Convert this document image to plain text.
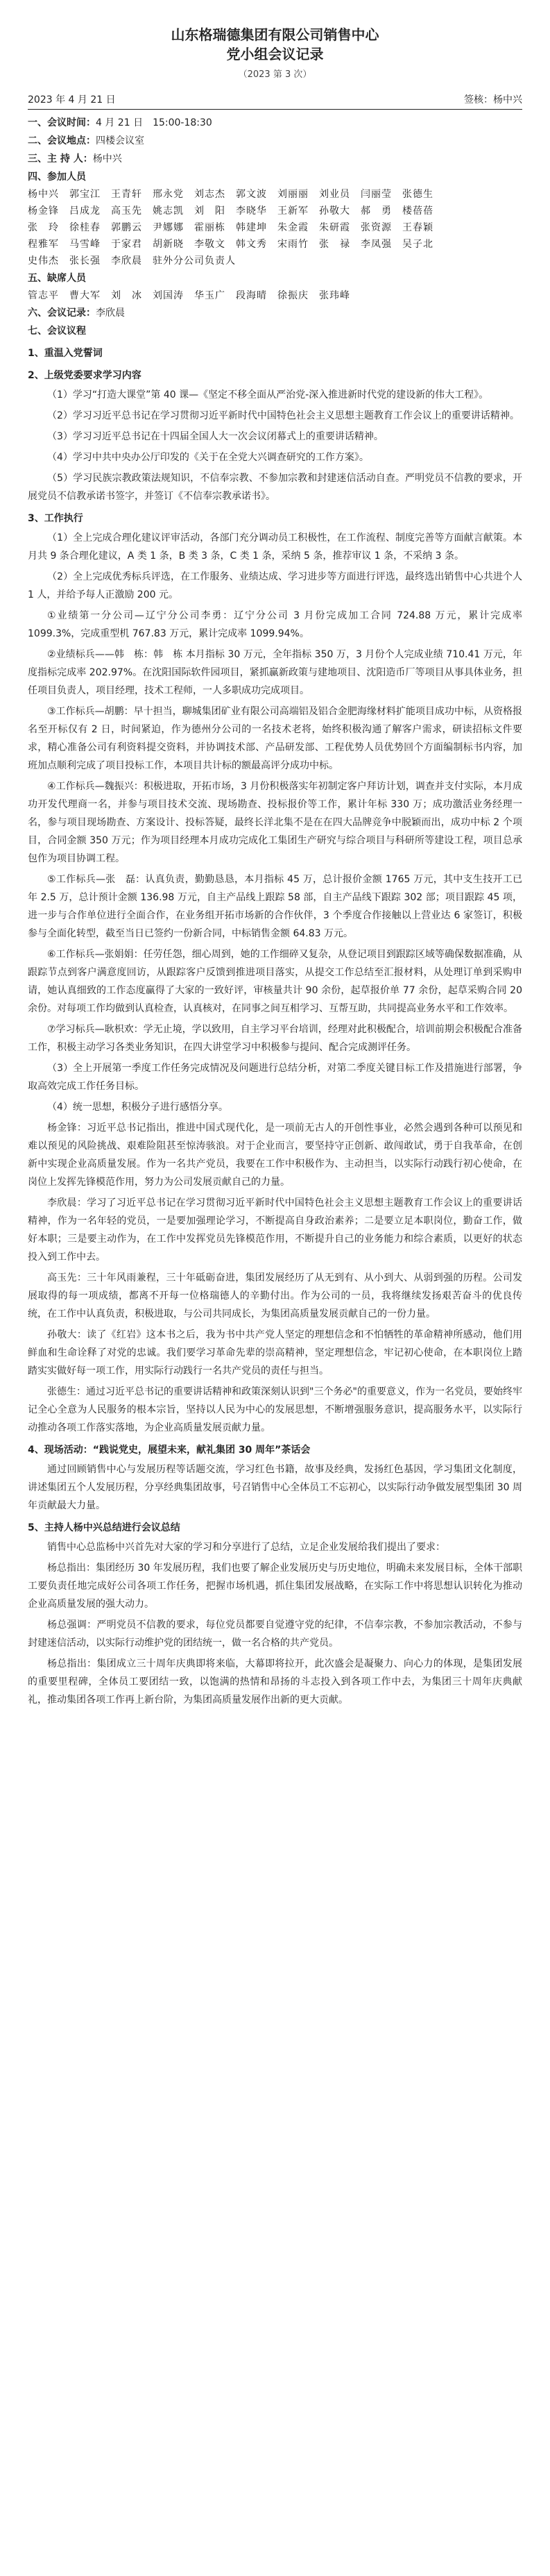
山东格瑞德集团有限公司销售中心
党小组会议记录
（2023 第 3 次）
2023 年 4 月 21 日	签核：杨中兴

一、会议时间：4 月 21 日　15:00-18:30

二、会议地点：四楼会议室

三、主 持 人：杨中兴

四、参加人员

杨中兴　郭宝江　王青轩　邢永党　刘志杰　郭文波　刘丽丽　刘业员　闫丽莹　张德生

杨金锋　吕成龙　高玉先　姚志凯　刘　阳　李晓华　王新军　孙敬大　郝　勇　楼蓓蓓

张　玲　徐桂春　郭鹏云　尹娜娜　霍丽栋　韩建坤　朱金霞　朱研霞　张资源　王春颖

程雅军　马雪峰　于家君　胡新晓　李敬文　韩文秀　宋雨竹　张　禄　李凤强　吴子北

史伟杰　张长强　李欣晨　驻外分公司负责人

五、缺席人员

管志平　曹大军　刘　冰　刘国涛　华玉广　段海晴　徐振庆　张玮峰

六、会议记录：李欣晨

七、会议议程

1、重温入党誓词

2、上级党委要求学习内容

（1）学习“打造大课堂”第 40 课—《坚定不移全面从严治党-深入推进新时代党的建设新的伟大工程》。

（2）学习习近平总书记在学习贯彻习近平新时代中国特色社会主义思想主题教育工作会议上的重要讲话精神。

（3）学习习近平总书记在十四届全国人大一次会议闭幕式上的重要讲话精神。

（4）学习中共中央办公厅印发的《关于在全党大兴调查研究的工作方案》。

（5）学习民族宗教政策法规知识，不信奉宗教、不参加宗教和封建迷信活动自查。严明党员不信教的要求，开展党员不信教承诺书签字，并签订《不信奉宗教承诺书》。

3、工作执行

（1）全上完成合理化建议评审活动，各部门充分调动员工积极性，在工作流程、制度完善等方面献言献策。本月共 9 条合理化建议，A 类 1 条，B 类 3 条，C 类 1 条，采纳 5 条，推荐审议 1 条，不采纳 3 条。

（2）全上完成优秀标兵评选，在工作服务、业绩达成、学习进步等方面进行评选，最终选出销售中心共进个人 1 人，并给予每人正激励 200 元。

①业绩第一分公司—辽宁分公司李勇：辽宁分公司 3 月份完成加工合同 724.88 万元，累计完成率 1099.3%，完成重型机 767.83 万元，累计完成率 1099.94%。

②业绩标兵——韩　栋：韩　栋 本月指标 30 万元，全年指标 350 万，3 月份个人完成业绩 710.41 万元，年度指标完成率 202.97%。在沈阳国际软件园项目，紧抓赢新政策与建地项目、沈阳造币厂等项目从事具体业务，担任项目负责人，项目经理，技术工程师，一人多职成功完成项目。

③工作标兵—胡鹏：早十担当，聊城集团矿业有限公司高端铝及铝合金肥海缘材料扩能项目成功中标，从资格报名至开标仅有 2 日，时间紧迫，作为德州分公司的一名技术老将，始终积极沟通了解客户需求，研读招标文件要求，精心准备公司有利资料提交资料，并协调技术部、产品研发部、工程优势人员优势回个方面编制标书内容，加班加点顺利完成了项目投标工作，本项目共计标的额最高评分成功中标。

④工作标兵—魏振兴：积极进取，开拓市场，3 月份积极落实年初制定客户拜访计划，调查并支付实际，本月成功开发代理商一名，并参与项目技术交流、现场勘查、投标报价等工作，累计年标 330 万；成功激活业务经理一名，参与项目现场勘查、方案设计、投标答疑，最终长洋北集不是在在四大品牌竞争中脱颖而出，成功中标 2 个项目，合同金额 350 万元；作为项目经理本月成功完成化工集团生产研究与综合项目与科研所等建设工程，项目总承包作为项目协调工程。

⑤工作标兵—张　磊：认真负责，勤勤恳恳，本月指标 45 万，总计报价金额 1765 万元，其中支生技开工已年 2.5 万，总计预计金额 136.98 万元，自主产品线上跟踪 58 部，自主产品线下跟踪 302 部；项目跟踪 45 项，进一步与合作单位进行全面合作，在业务组开拓市场新的合作伙伴，3 个季度合作接触以上营业达 6 家签订，积极参与全面化转型，截至当日已签约一份新合同，中标销售金额 64.83 万元。

⑥工作标兵—张娟娟：任劳任怨，细心周到，她的工作细碎又复杂，从登记项目到跟踪区域等确保数据准确，从跟踪节点到客户满意度回访，从跟踪客户反馈到推进项目落实，从提交工作总结至汇报材料，从处理订单到采购申请，她认真细致的工作态度赢得了大家的一致好评，审核量共计 90 余份，起草报价单 77 余份，起草采购合同 20 余份。对每项工作均做到认真检查，认真核对，在同事之间互相学习、互帮互助，共同提高业务水平和工作效率。

⑦学习标兵—耿枳欢：学无止境，学以致用，自主学习平台培训，经理对此积极配合，培训前期会积极配合准备工作，积极主动学习各类业务知识，在四大讲堂学习中积极参与提问、配合完成测评任务。

（3）全上开展第一季度工作任务完成情况及问题进行总结分析，对第二季度关键目标工作及措施进行部署，争取高效完成工作任务目标。

（4）统一思想，积极分子进行感悟分享。

杨金锋：习近平总书记指出，推进中国式现代化，是一项前无古人的开创性事业，必然会遇到各种可以预见和难以预见的风险挑战、艰难险阻甚至惊涛骇浪。对于企业而言，要坚持守正创新、敢闯敢试，勇于自我革命，在创新中实现企业高质量发展。作为一名共产党员，我要在工作中积极作为、主动担当，以实际行动践行初心使命，在岗位上发挥先锋模范作用，努力为公司发展贡献自己的力量。

李欣晨：学习了习近平总书记在学习贯彻习近平新时代中国特色社会主义思想主题教育工作会议上的重要讲话精神，作为一名年轻的党员，一是要加强理论学习，不断提高自身政治素养；二是要立足本职岗位，勤奋工作，做好本职；三是要主动作为，在工作中发挥党员先锋模范作用，不断提升自己的业务能力和综合素质，以更好的状态投入到工作中去。

高玉先：三十年风雨兼程，三十年砥砺奋进，集团发展经历了从无到有、从小到大、从弱到强的历程。公司发展取得的每一项成绩，都离不开每一位格瑞德人的辛勤付出。作为公司的一员，我将继续发扬艰苦奋斗的优良传统，在工作中认真负责，积极进取，与公司共同成长，为集团高质量发展贡献自己的一份力量。

孙敬大：读了《红岩》这本书之后，我为书中共产党人坚定的理想信念和不怕牺牲的革命精神所感动，他们用鲜血和生命诠释了对党的忠诚。我们要学习革命先辈的崇高精神，坚定理想信念，牢记初心使命，在本职岗位上踏踏实实做好每一项工作，用实际行动践行一名共产党员的责任与担当。

张德生：通过习近平总书记的重要讲话精神和政策深刻认识到"三个务必"的重要意义，作为一名党员，要始终牢记全心全意为人民服务的根本宗旨，坚持以人民为中心的发展思想，不断增强服务意识，提高服务水平，以实际行动推动各项工作落实落地，为企业高质量发展贡献力量。

4、现场活动：“践说党史，展望未来，献礼集团 30 周年”茶话会

通过回顾销售中心与发展历程等话题交流，学习红色书籍，故事及经典，发扬红色基因，学习集团文化制度，讲述集团五个人发展历程，分享经典集团故事，号召销售中心全体员工不忘初心，以实际行动争做发展型集团 30 周年贡献最大力量。

5、主持人杨中兴总结进行会议总结

销售中心总监杨中兴首先对大家的学习和分享进行了总结，立足企业发展给我们提出了要求：

杨总指出：集团经历 30 年发展历程，我们也要了解企业发展历史与历史地位，明确未来发展目标，全体干部职工要负责任地完成好公司各项工作任务，把握市场机遇，抓住集团发展战略，在实际工作中将思想认识转化为推动企业高质量发展的强大动力。

杨总强调：严明党员不信教的要求，每位党员都要自觉遵守党的纪律，不信奉宗教，不参加宗教活动，不参与封建迷信活动，以实际行动维护党的团结统一，做一名合格的共产党员。

杨总指出：集团成立三十周年庆典即将来临，大幕即将拉开，此次盛会是凝聚力、向心力的体现，是集团发展的重要里程碑，全体员工要团结一致，以饱满的热情和昂扬的斗志投入到各项工作中去，为集团三十周年庆典献礼，推动集团各项工作再上新台阶，为集团高质量发展作出新的更大贡献。
